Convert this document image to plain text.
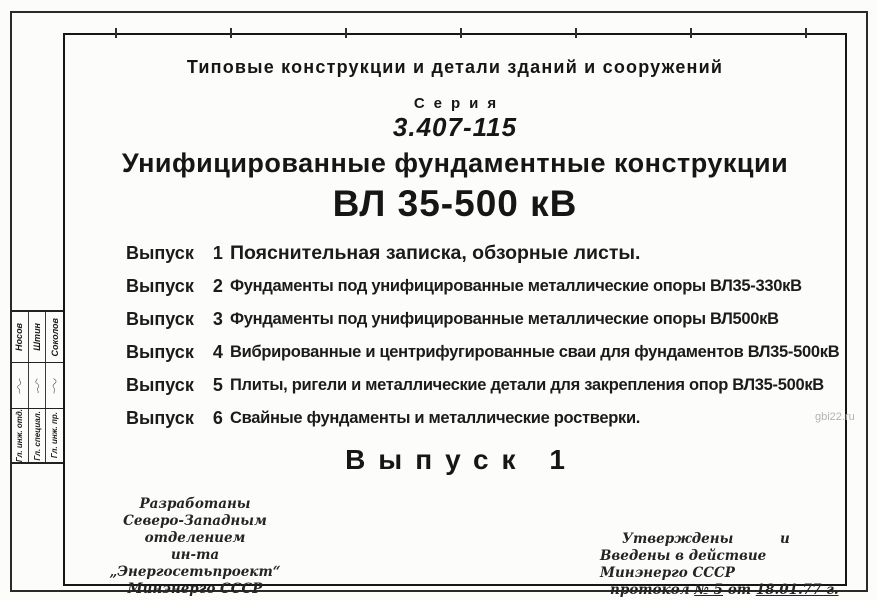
Типовые конструкции и детали зданий и сооружений
Серия
3.407-115
Унифицированные фундаментные конструкции
ВЛ 35-500 кВ
Выпуск 1 Пояснительная записка, обзорные листы.
Выпуск 2 Фундаменты под унифицированные металлические опоры ВЛ35-330кВ
Выпуск 3 Фундаменты под унифицированные металлические опоры ВЛ500кВ
Выпуск 4 Вибрированные и центрифугированные сваи для фундаментов ВЛ35-500кВ
Выпуск 5 Плиты, ригели и металлические детали для закрепления опор ВЛ35-500кВ
Выпуск 6 Свайные фундаменты и металлические ростверки.
Выпуск 1
Разработаны
Северо-Западным отделением
ин-та „Энергосетьпроект“
Минэнерго СССР
Утверждены и
Введены в действие Минэнерго СССР
протокол № 5 от 18.01.77 г.
Носов Штин Соколов
Гл. инж. отд. Гл. специал. Гл. инж. пр.	gbi22.ru
